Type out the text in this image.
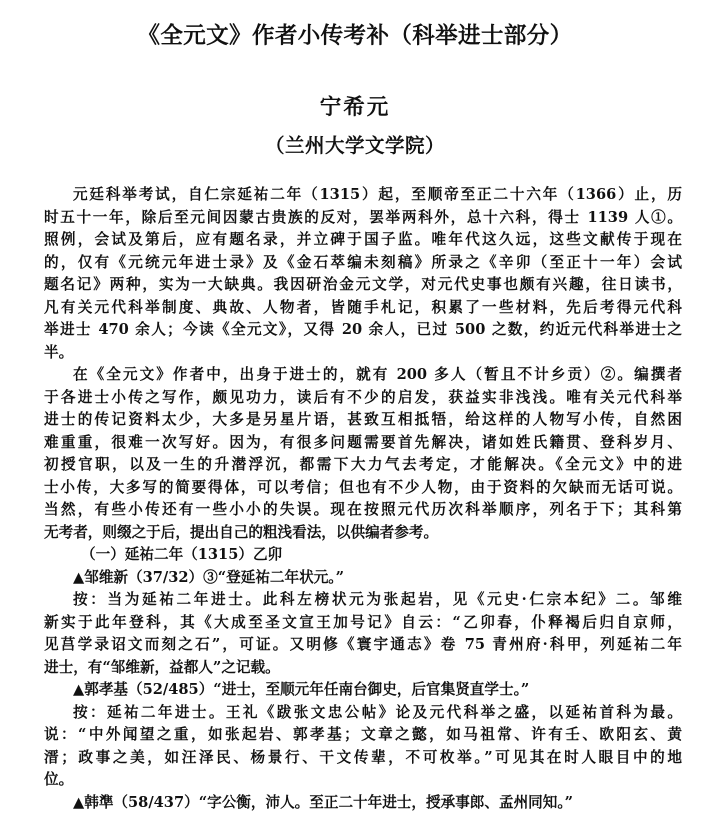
《全元文》作者小传考补（科举进士部分）
宁希元
（兰州大学文学院）
元廷科举考试，自仁宗延祐二年（1315）起，至顺帝至正二十六年（1366）止，历
时五十一年，除后至元间因蒙古贵族的反对，罢举两科外，总十六科，得士 1139 人①。
照例，会试及第后，应有题名录，并立碑于国子监。唯年代这久远，这些文献传于现在
的，仅有《元统元年进士录》及《金石萃编未刻稿》所录之《辛卯（至正十一年）会试
题名记》两种，实为一大缺典。我因研治金元文学，对元代史事也颇有兴趣，往日读书，
凡有关元代科举制度、典故、人物者，皆随手札记，积累了一些材料，先后考得元代科
举进士 470 余人；今读《全元文》，又得 20 余人，已过 500 之数，约近元代科举进士之
半。
在《全元文》作者中，出身于进士的，就有 200 多人（暂且不计乡贡）②。编撰者
于各进士小传之写作，颇见功力，读后有不少的启发，获益实非浅浅。唯有关元代科举
进士的传记资料太少，大多是另星片语，甚致互相抵牾，给这样的人物写小传，自然困
难重重，很难一次写好。因为，有很多问题需要首先解决，诸如姓氏籍贯、登科岁月、
初授官职，以及一生的升潜浮沉，都需下大力气去考定，才能解决。《全元文》中的进
士小传，大多写的简要得体，可以考信；但也有不少人物，由于资料的欠缺而无话可说。
当然，有些小传还有一些小小的失误。现在按照元代历次科举顺序，列名于下；其科第
无考者，则缀之于后，提出自己的粗浅看法，以供编者参考。
（一）延祐二年（1315）乙卯
▲邹维新（37/32）③“登延祐二年状元。”
按：当为延祐二年进士。此科左榜状元为张起岩，见《元史·仁宗本纪》二。邹维
新实于此年登科，其《大成至圣文宣王加号记》自云：“乙卯春，仆释褐后归自京师，
见莒学录诏文而刻之石”，可证。又明修《寰宇通志》卷 75 青州府·科甲，列延祐二年
进士，有“邹维新，益都人”之记载。
▲郭孝基（52/485）“进士，至顺元年任南台御史，后官集贤直学士。”
按：延祐二年进士。王礼《跋张文忠公帖》论及元代科举之盛，以延祐首科为最。
说：“中外闻望之重，如张起岩、郭孝基；文章之懿，如马祖常、许有壬、欧阳玄、黄
溍；政事之美，如汪泽民、杨景行、干文传辈，不可枚举。”可见其在时人眼目中的地
位。
▲韩準（58/437）“字公衡，沛人。至正二十年进士，授承事郎、孟州同知。”
